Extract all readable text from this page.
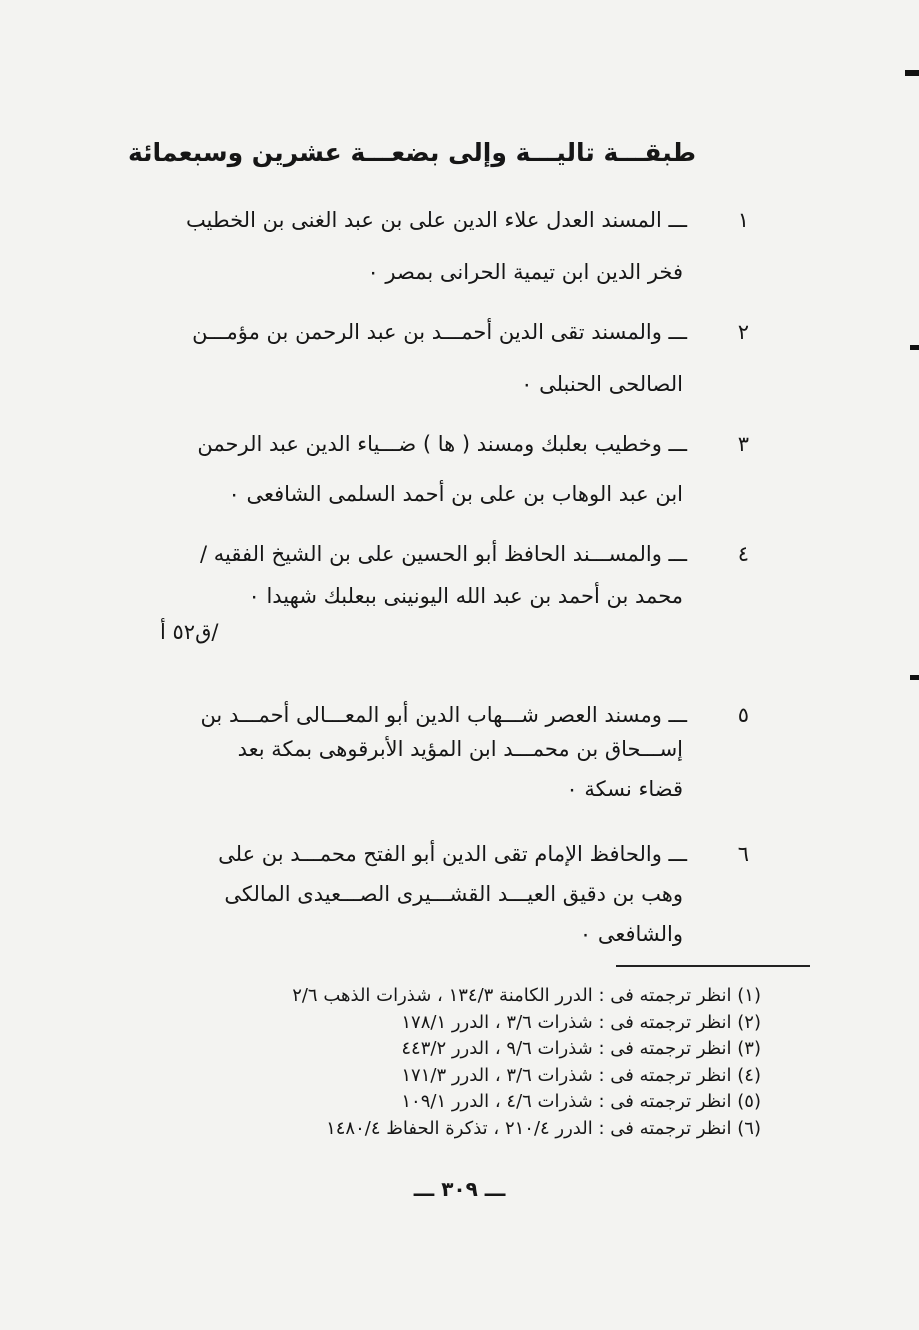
طبقـــة تاليـــة وإلى بضعـــة عشرين وسبعمائة
١
ـــ المسند العدل علاء الدين على بن عبد الغنى بن الخطيب
فخر الدين ابن تيمية الحرانى بمصر ٠
٢
ـــ والمسند تقى الدين أحمـــد بن عبد الرحمن بن مؤمـــن
الصالحى الحنبلى ٠
٣
ـــ وخطيب بعلبك ومسند ( ها ) ضـــياء الدين عبد الرحمن
ابن عبد الوهاب بن على بن أحمد السلمى الشافعى ٠
٤
ـــ والمســـند الحافظ أبو الحسين على بن الشيخ الفقيه /
محمد بن أحمد بن عبد الله اليونينى ببعلبك شهيدا ٠
/ق٥٢ أ
٥
ـــ ومسند العصر شـــهاب الدين أبو المعـــالى أحمـــد بن
إســـحاق بن محمـــد ابن المؤيد الأبرقوهى بمكة بعد
قضاء نسكة ٠
٦
ـــ والحافظ الإمام تقى الدين أبو الفتح محمـــد بن على
وهب بن دقيق العيـــد القشـــيرى الصـــعيدى المالكى
والشافعى ٠
(١) انظر ترجمته فى : الدرر الكامنة ١٣٤/٣ ، شذرات الذهب ٢/٦
(٢) انظر ترجمته فى : شذرات ٣/٦ ، الدرر ١٧٨/١
(٣) انظر ترجمته فى : شذرات ٩/٦ ، الدرر ٤٤٣/٢
(٤) انظر ترجمته فى : شذرات ٣/٦ ، الدرر ١٧١/٣
(٥) انظر ترجمته فى : شذرات ٤/٦ ، الدرر ١٠٩/١
(٦) انظر ترجمته فى : الدرر ٢١٠/٤ ، تذكرة الحفاظ ١٤٨٠/٤
ـــ ٣٠٩ ـــ
